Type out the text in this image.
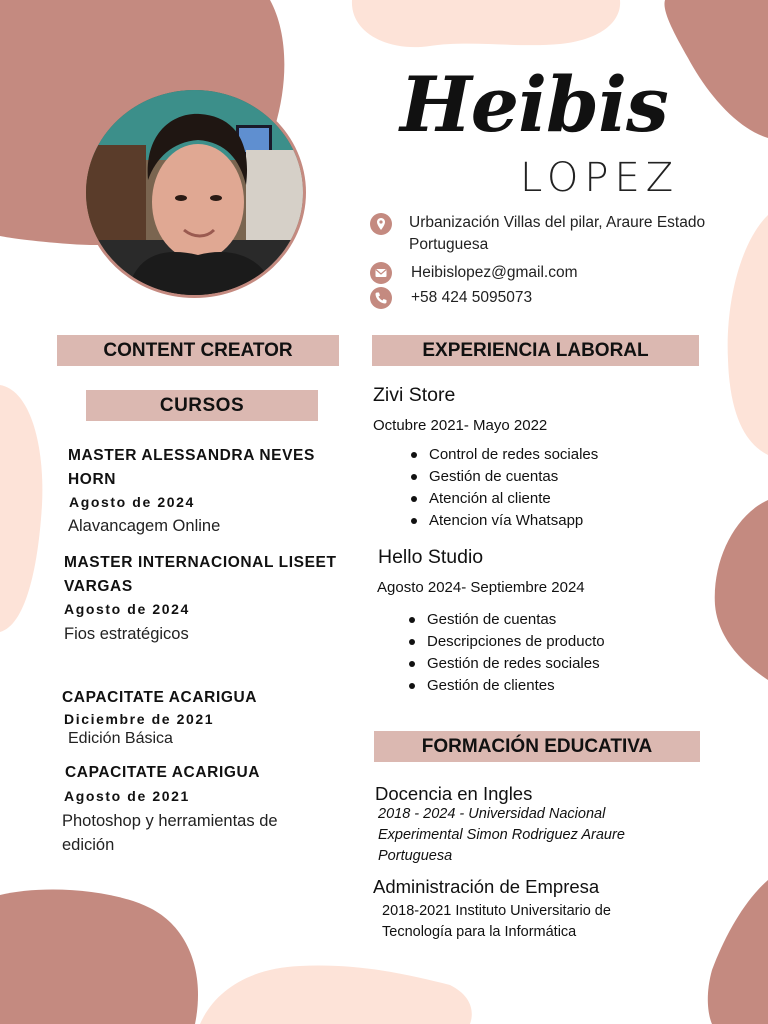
Heibis
LOPEZ
Urbanización Villas del pilar, Araure Estado Portuguesa
Heibislopez@gmail.com
+58 424 5095073
CONTENT CREATOR
CURSOS
MASTER ALESSANDRA NEVES HORN
Agosto de 2024
Alavancagem Online
MASTER INTERNACIONAL LISEET VARGAS
Agosto de 2024
Fios estratégicos
CAPACITATE ACARIGUA
Diciembre de 2021
Edición Básica
CAPACITATE ACARIGUA
Agosto de 2021
Photoshop y herramientas de edición
EXPERIENCIA LABORAL
Zivi Store
Octubre 2021- Mayo 2022
Control de redes sociales
Gestión de cuentas
Atención al cliente
Atencion vía Whatsapp
Hello Studio
Agosto 2024- Septiembre 2024
Gestión de cuentas
Descripciones de producto
Gestión de redes sociales
Gestión de clientes
FORMACIÓN EDUCATIVA
Docencia en Ingles
2018 - 2024 - Universidad Nacional Experimental Simon Rodriguez Araure Portuguesa
Administración de Empresa
2018-2021 Instituto Universitario de Tecnología para la Informática
